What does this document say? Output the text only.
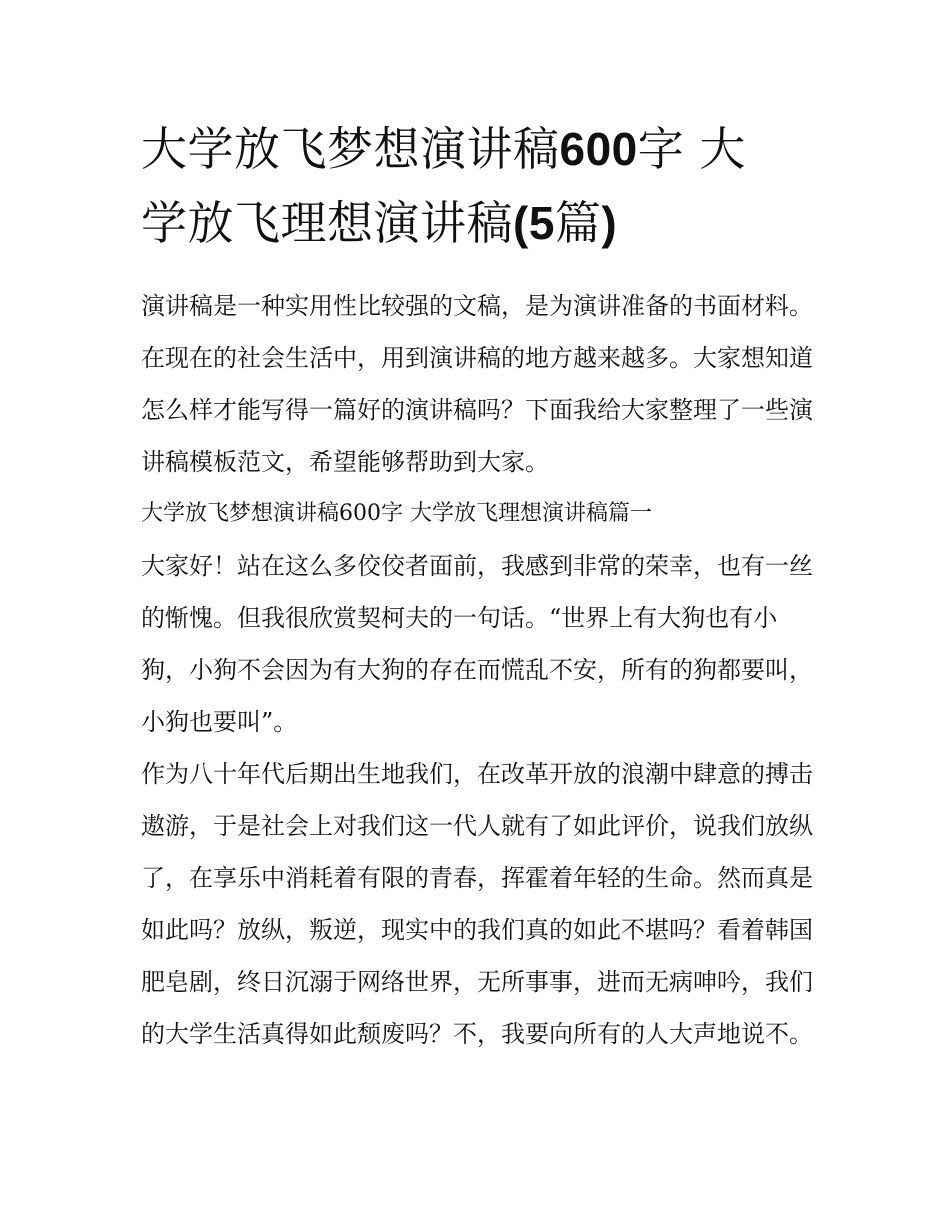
大学放飞梦想演讲稿600字 大
学放飞理想演讲稿(5篇)

演讲稿是一种实用性比较强的文稿，是为演讲准备的书面材料。在现在的社会生活中，用到演讲稿的地方越来越多。大家想知道怎么样才能写得一篇好的演讲稿吗？下面我给大家整理了一些演讲稿模板范文，希望能够帮助到大家。

大学放飞梦想演讲稿600字 大学放飞理想演讲稿篇一

大家好！站在这么多佼佼者面前，我感到非常的荣幸，也有一丝的惭愧。但我很欣赏契柯夫的一句话。“世界上有大狗也有小狗，小狗不会因为有大狗的存在而慌乱不安，所有的狗都要叫，小狗也要叫”。

作为八十年代后期出生地我们，在改革开放的浪潮中肆意的搏击遨游，于是社会上对我们这一代人就有了如此评价，说我们放纵了，在享乐中消耗着有限的青春，挥霍着年轻的生命。然而真是如此吗？放纵，叛逆，现实中的我们真的如此不堪吗？看着韩国肥皂剧，终日沉溺于网络世界，无所事事，进而无病呻吟，我们的大学生活真得如此颓废吗？不，我要向所有的人大声地说不。
